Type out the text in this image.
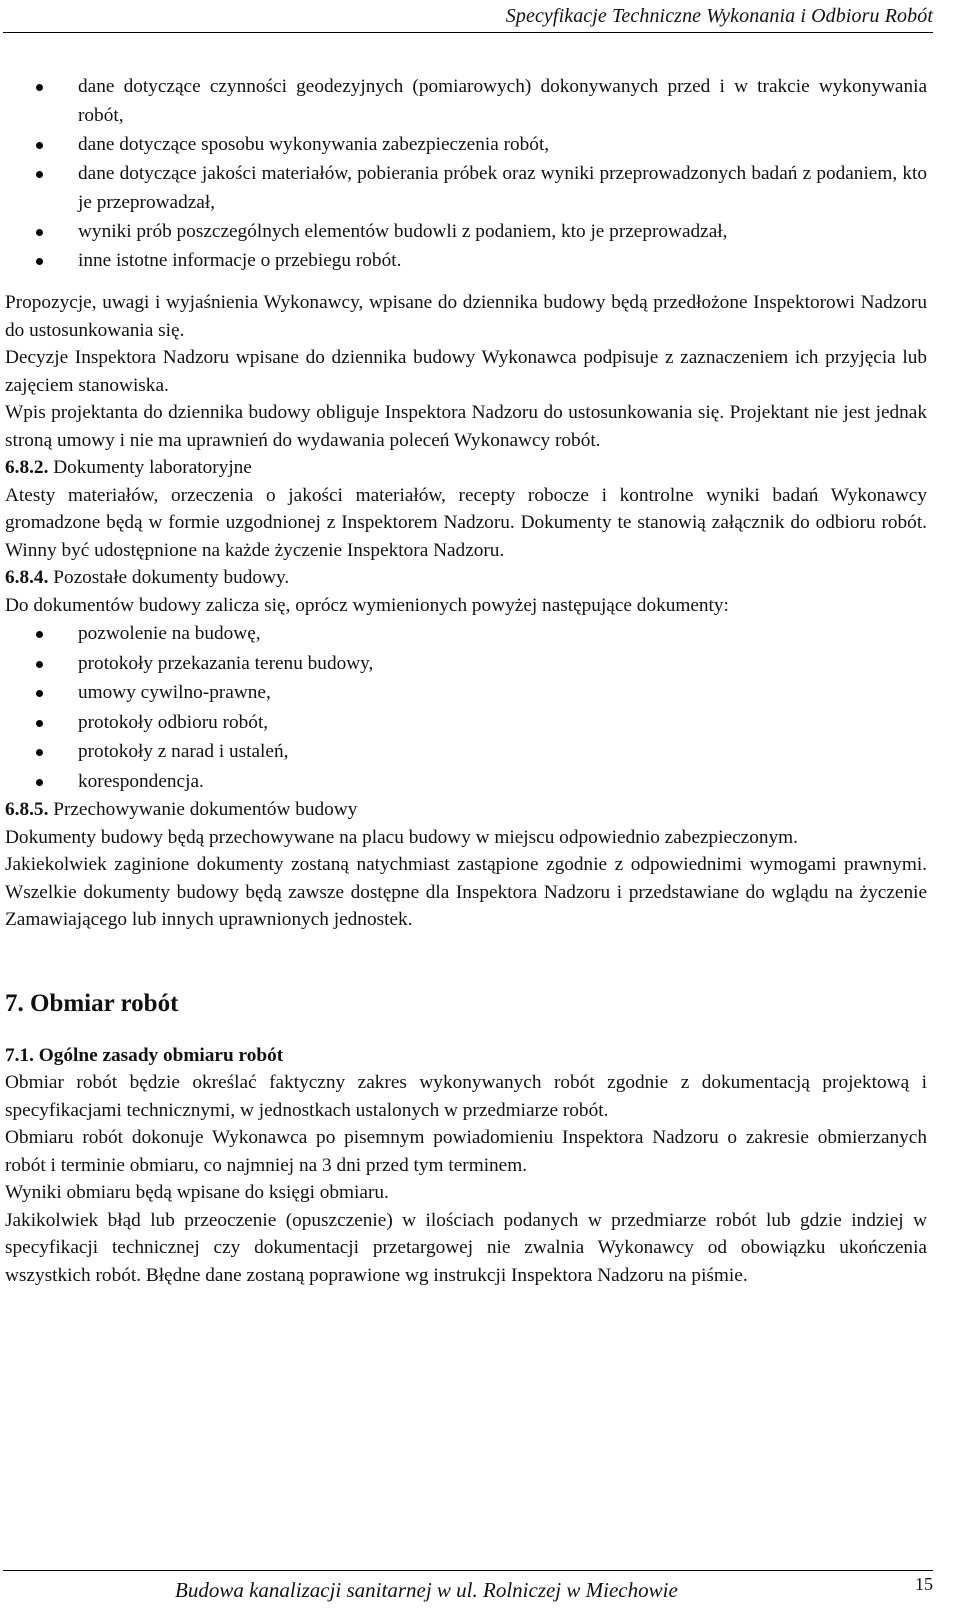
Specyfikacje Techniczne Wykonania i Odbioru Robót
dane dotyczące czynności geodezyjnych (pomiarowych) dokonywanych przed i w trakcie wykonywania robót,
dane dotyczące sposobu wykonywania zabezpieczenia robót,
dane dotyczące jakości materiałów, pobierania próbek oraz wyniki przeprowadzonych badań z podaniem, kto je przeprowadzał,
wyniki prób poszczególnych elementów budowli z podaniem, kto je przeprowadzał,
inne istotne informacje o przebiegu robót.

Propozycje, uwagi i wyjaśnienia Wykonawcy, wpisane do dziennika budowy będą przedłożone Inspektorowi Nadzoru do ustosunkowania się.

Decyzje Inspektora Nadzoru wpisane do dziennika budowy Wykonawca podpisuje z zaznaczeniem ich przyjęcia lub zajęciem stanowiska.

Wpis projektanta do dziennika budowy obliguje Inspektora Nadzoru do ustosunkowania się. Projektant nie jest jednak stroną umowy i nie ma uprawnień do wydawania poleceń Wykonawcy robót.

6.8.2. Dokumenty laboratoryjne

Atesty materiałów, orzeczenia o jakości materiałów, recepty robocze i kontrolne wyniki badań Wykonawcy gromadzone będą w formie uzgodnionej z Inspektorem Nadzoru. Dokumenty te stanowią załącznik do odbioru robót. Winny być udostępnione na każde życzenie Inspektora Nadzoru.

6.8.4. Pozostałe dokumenty budowy.

Do dokumentów budowy zalicza się, oprócz wymienionych powyżej następujące dokumenty:

pozwolenie na budowę,
protokoły przekazania terenu budowy,
umowy cywilno-prawne,
protokoły odbioru robót,
protokoły z narad i ustaleń,
korespondencja.

6.8.5. Przechowywanie dokumentów budowy

Dokumenty budowy będą przechowywane na placu budowy w miejscu odpowiednio zabezpieczonym.

Jakiekolwiek zaginione dokumenty zostaną natychmiast zastąpione zgodnie z odpowiednimi wymogami prawnymi. Wszelkie dokumenty budowy będą zawsze dostępne dla Inspektora Nadzoru i przedstawiane do wglądu na życzenie Zamawiającego lub innych uprawnionych jednostek.

7. Obmiar robót

7.1. Ogólne zasady obmiaru robót

Obmiar robót będzie określać faktyczny zakres wykonywanych robót zgodnie z dokumentacją projektową i specyfikacjami technicznymi, w jednostkach ustalonych w przedmiarze robót.

Obmiaru robót dokonuje Wykonawca po pisemnym powiadomieniu Inspektora Nadzoru o zakresie obmierzanych robót i terminie obmiaru, co najmniej na 3 dni przed tym terminem.

Wyniki obmiaru będą wpisane do księgi obmiaru.

Jakikolwiek błąd lub przeoczenie (opuszczenie) w ilościach podanych w przedmiarze robót lub gdzie indziej w specyfikacji technicznej czy dokumentacji przetargowej nie zwalnia Wykonawcy od obowiązku ukończenia wszystkich robót. Błędne dane zostaną poprawione wg instrukcji Inspektora Nadzoru na piśmie.

Budowa kanalizacji sanitarnej w ul. Rolniczej w Miechowie	15
